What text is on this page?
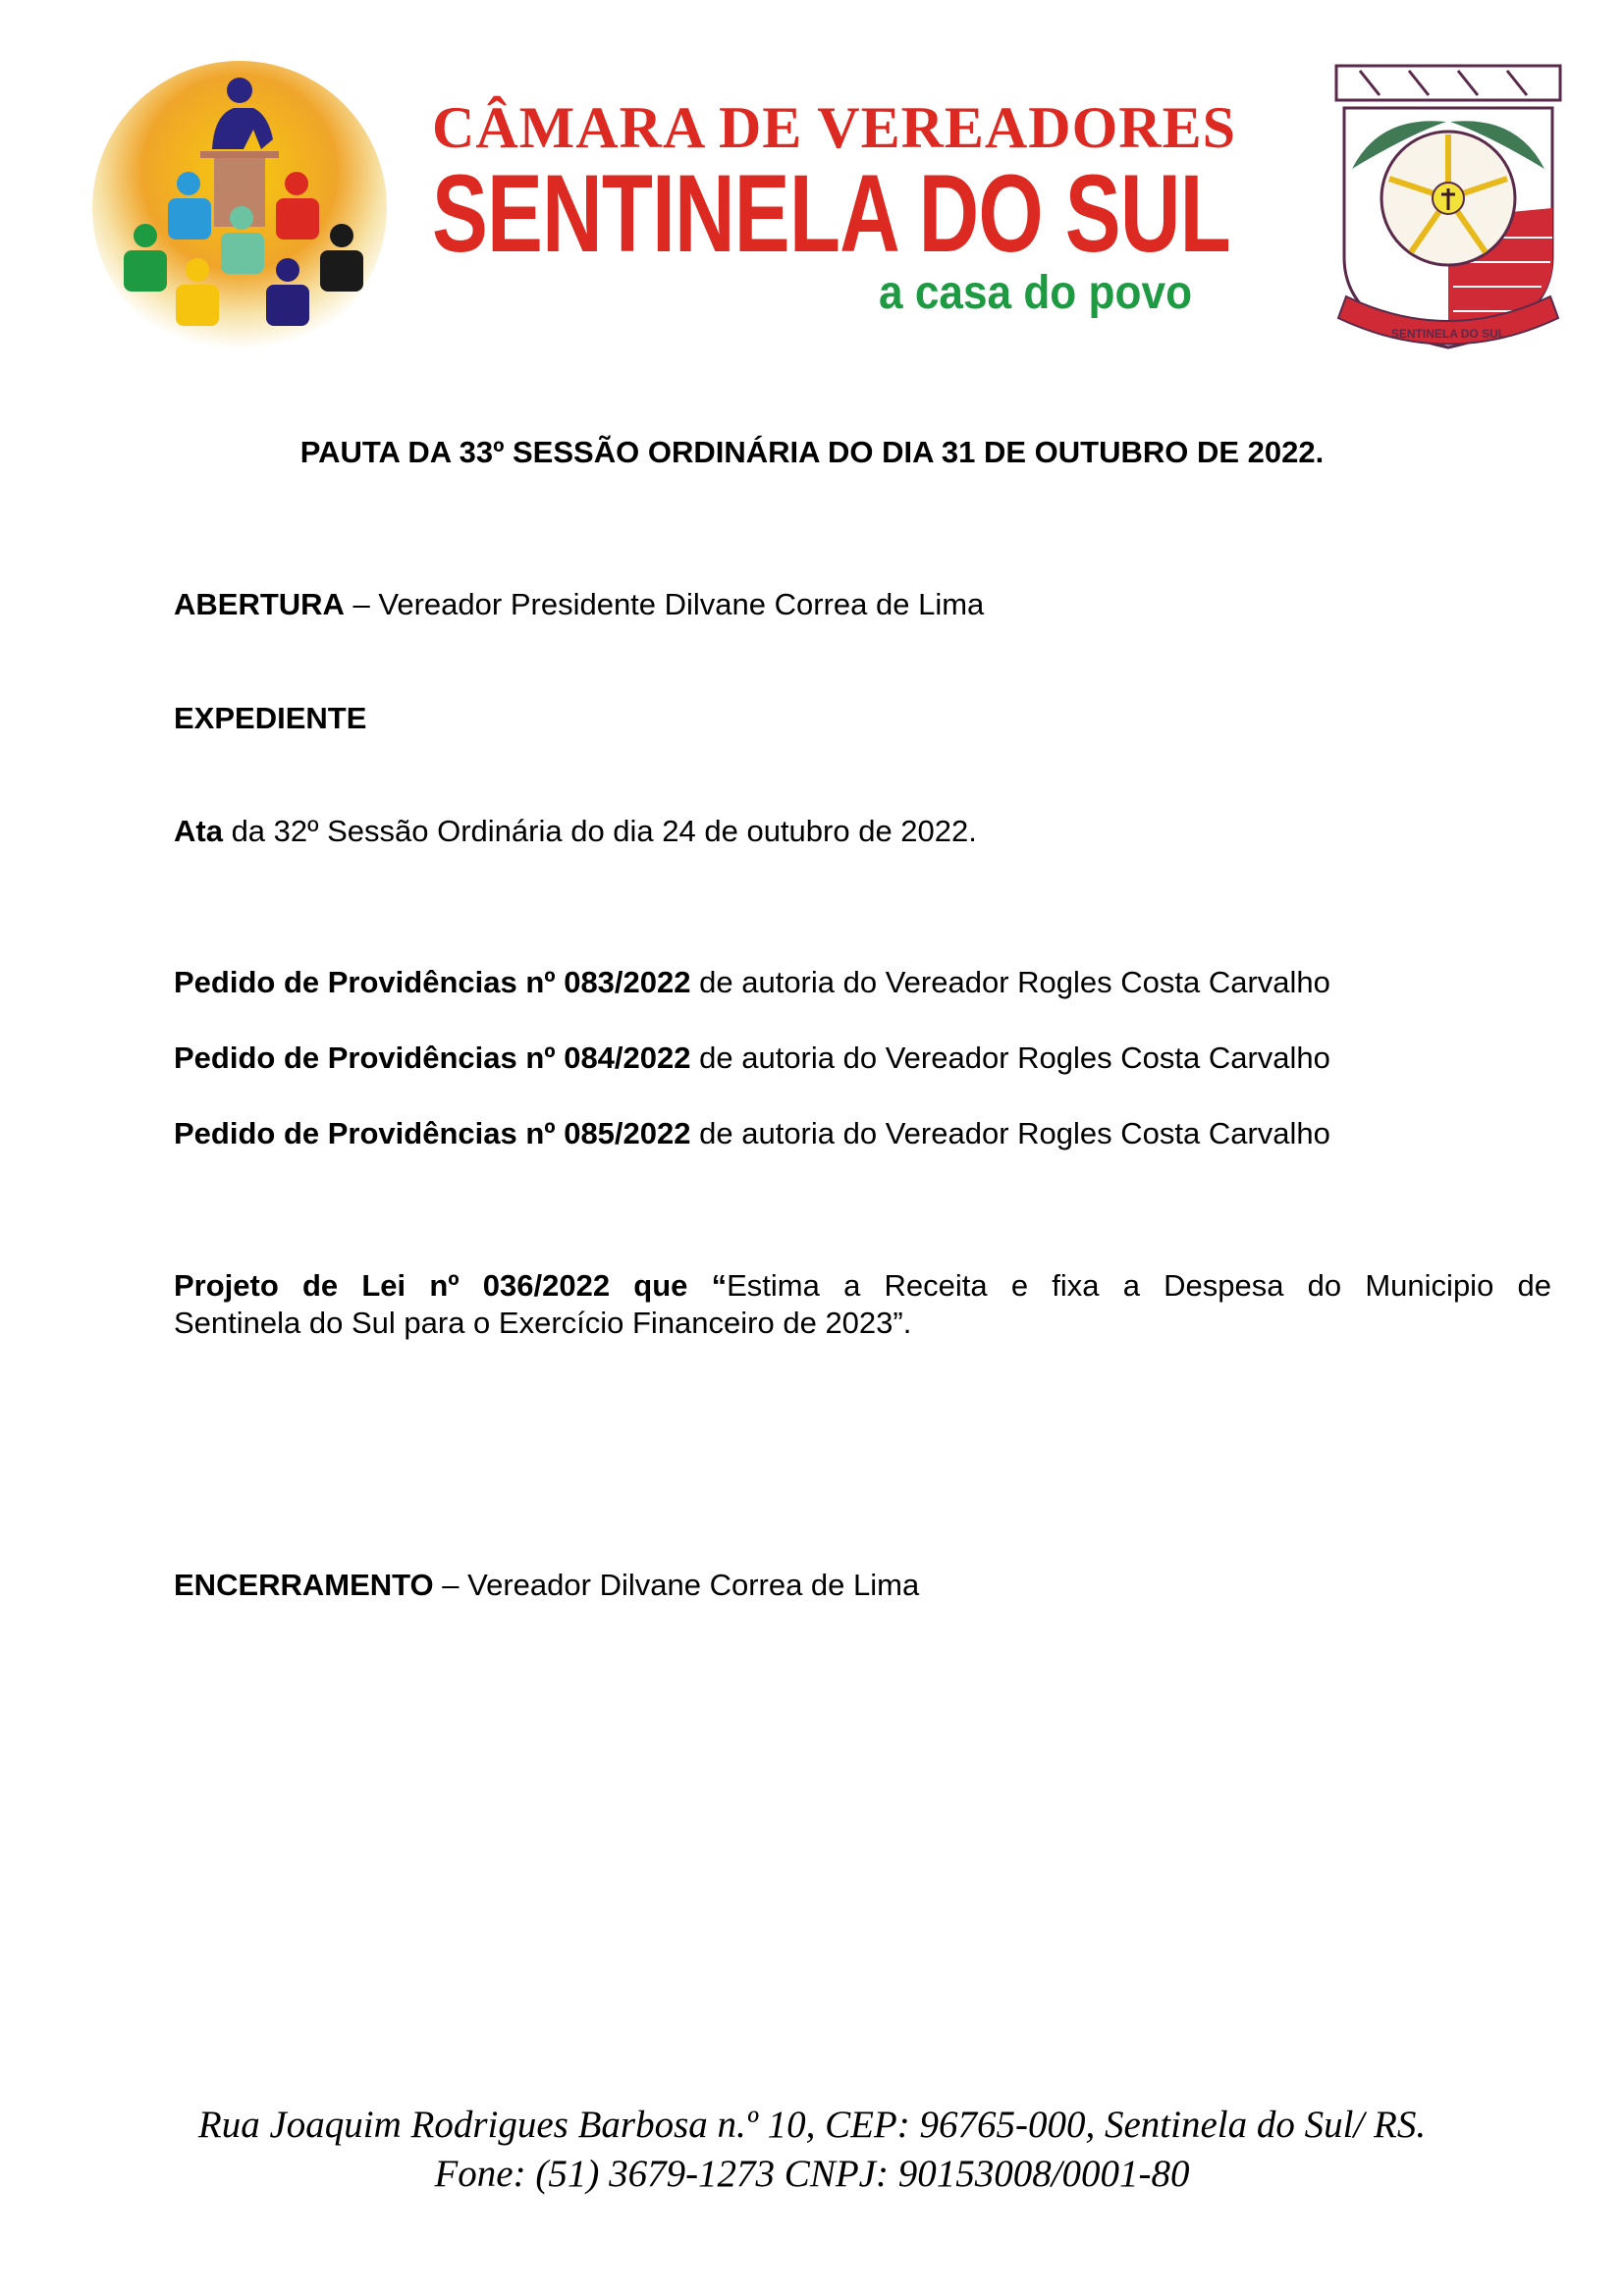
CÂMARA DE VEREADORES
SENTINELA DO SUL
a casa do povo
SENTINELA DO SUL
PAUTA DA 33º SESSÃO ORDINÁRIA DO DIA 31 DE OUTUBRO DE 2022.
ABERTURA – Vereador Presidente Dilvane Correa de Lima
EXPEDIENTE
Ata da 32º Sessão Ordinária do dia 24 de outubro de 2022.
Pedido de Providências nº 083/2022 de autoria do Vereador Rogles Costa Carvalho
Pedido de Providências nº 084/2022 de autoria do Vereador Rogles Costa Carvalho
Pedido de Providências nº 085/2022 de autoria do Vereador Rogles Costa Carvalho
Projeto de Lei nº 036/2022 que “Estima a Receita e fixa a Despesa do Municipio de
Sentinela do Sul para o Exercício Financeiro de 2023”.
ENCERRAMENTO – Vereador Dilvane Correa de Lima
Rua Joaquim Rodrigues Barbosa n.º 10, CEP: 96765-000, Sentinela do Sul/ RS.
Fone: (51) 3679-1273 CNPJ: 90153008/0001-80
